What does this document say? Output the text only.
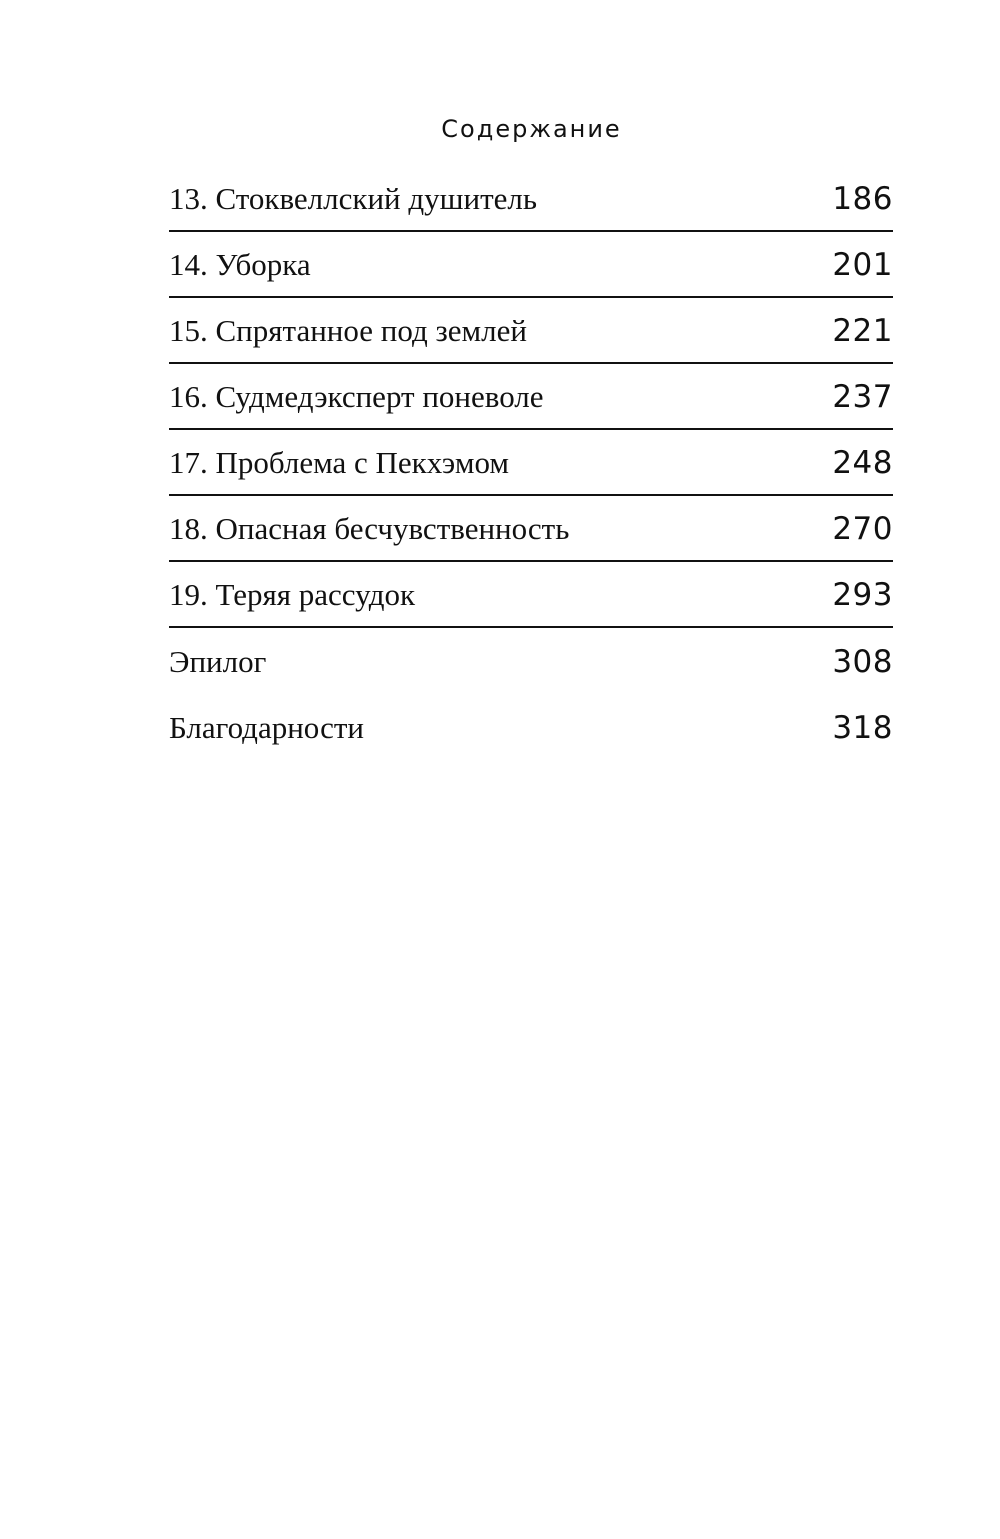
Содержание
13. Стоквеллский душитель	186
14. Уборка	201
15. Спрятанное под землей	221
16. Судмедэксперт поневоле	237
17. Проблема с Пекхэмом	248
18. Опасная бесчувственность	270
19. Теряя рассудок	293
Эпилог	308
Благодарности	318
